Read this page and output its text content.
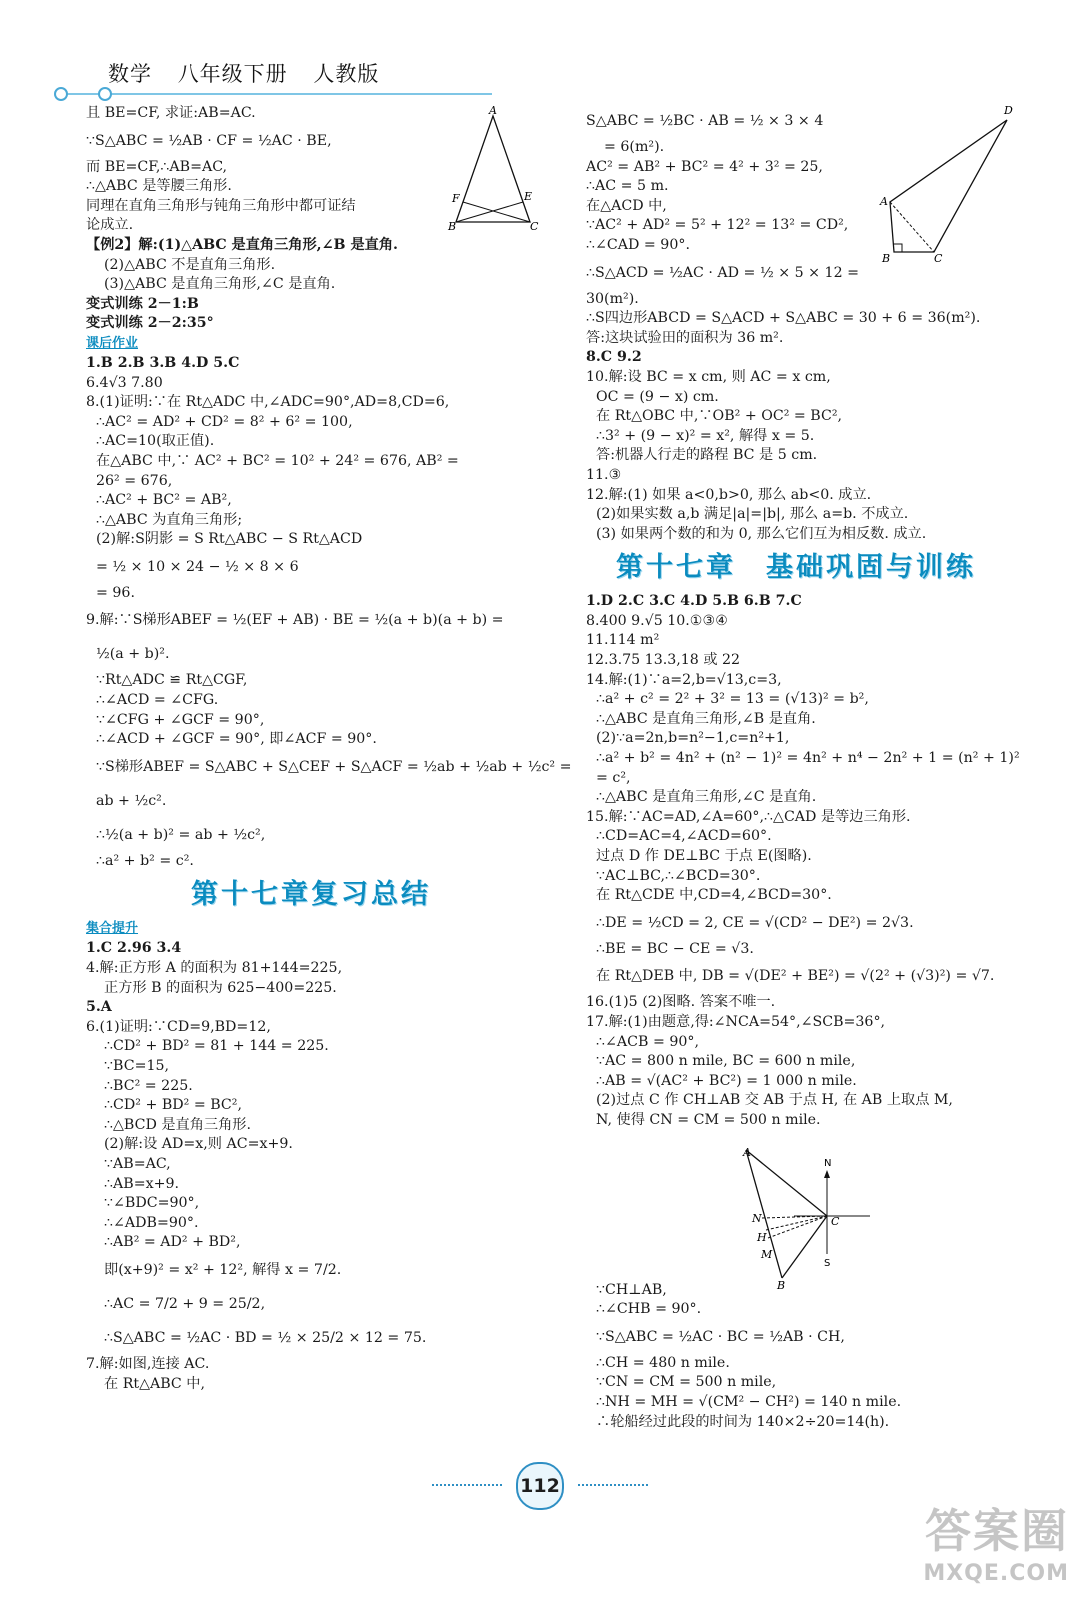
数学 八年级下册 人教版
且 BE=CF, 求证:AB=AC.
∵S△ABC = ½AB · CF = ½AC · BE,
而 BE=CF,∴AB=AC,
∴△ABC 是等腰三角形.
同理在直角三角形与钝角三角形中都可证结
论成立.
【例2】解:(1)△ABC 是直角三角形,∠B 是直角.
(2)△ABC 不是直角三角形.
(3)△ABC 是直角三角形,∠C 是直角.
变式训练 2－1:B
变式训练 2－2:35°
课后作业
1.B 2.B 3.B 4.D 5.C
6.4√3 7.80
8.(1)证明:∵在 Rt△ADC 中,∠ADC=90°,AD=8,CD=6,
∴AC² = AD² + CD² = 8² + 6² = 100,
∴AC=10(取正值).
在△ABC 中,∵ AC² + BC² = 10² + 24² = 676, AB² =
26² = 676,
∴AC² + BC² = AB²,
∴△ABC 为直角三角形;
(2)解:S阴影 = S Rt△ABC − S Rt△ACD
= ½ × 10 × 24 − ½ × 8 × 6
= 96.
9.解:∵S梯形ABEF = ½(EF + AB) · BE = ½(a + b)(a + b) =
½(a + b)².
∵Rt△ADC ≌ Rt△CGF,
∴∠ACD = ∠CFG.
∵∠CFG + ∠GCF = 90°,
∴∠ACD + ∠GCF = 90°, 即∠ACF = 90°.
∵S梯形ABEF = S△ABC + S△CEF + S△ACF = ½ab + ½ab + ½c² =
ab + ½c².
∴½(a + b)² = ab + ½c²,
∴a² + b² = c².
第十七章复习总结
集合提升
1.C 2.96 3.4
4.解:正方形 A 的面积为 81+144=225,
正方形 B 的面积为 625−400=225.
5.A
6.(1)证明:∵CD=9,BD=12,
∴CD² + BD² = 81 + 144 = 225.
∵BC=15,
∴BC² = 225.
∴CD² + BD² = BC²,
∴△BCD 是直角三角形.
(2)解:设 AD=x,则 AC=x+9.
∵AB=AC,
∴AB=x+9.
∵∠BDC=90°,
∴∠ADB=90°.
∴AB² = AD² + BD²,
即(x+9)² = x² + 12², 解得 x = 7/2.
∴AC = 7/2 + 9 = 25/2,
∴S△ABC = ½AC · BD = ½ × 25/2 × 12 = 75.
7.解:如图,连接 AC.
在 Rt△ABC 中,
S△ABC = ½BC · AB = ½ × 3 × 4
= 6(m²).
AC² = AB² + BC² = 4² + 3² = 25,
∴AC = 5 m.
在△ACD 中,
∵AC² + AD² = 5² + 12² = 13² = CD²,
∴∠CAD = 90°.
∴S△ACD = ½AC · AD = ½ × 5 × 12 =
30(m²).
∴S四边形ABCD = S△ACD + S△ABC = 30 + 6 = 36(m²).
答:这块试验田的面积为 36 m².
8.C 9.2
10.解:设 BC = x cm, 则 AC = x cm,
OC = (9 − x) cm.
在 Rt△OBC 中,∵OB² + OC² = BC²,
∴3² + (9 − x)² = x², 解得 x = 5.
答:机器人行走的路程 BC 是 5 cm.
11.③
12.解:(1) 如果 a<0,b>0, 那么 ab<0. 成立.
(2)如果实数 a,b 满足|a|=|b|, 那么 a=b. 不成立.
(3) 如果两个数的和为 0, 那么它们互为相反数. 成立.
第十七章　基础巩固与训练
1.D 2.C 3.C 4.D 5.B 6.B 7.C
8.400 9.√5 10.①③④
11.114 m²
12.3.75 13.3,18 或 22
14.解:(1)∵a=2,b=√13,c=3,
∴a² + c² = 2² + 3² = 13 = (√13)² = b²,
∴△ABC 是直角三角形,∠B 是直角.
(2)∵a=2n,b=n²−1,c=n²+1,
∴a² + b² = 4n² + (n² − 1)² = 4n² + n⁴ − 2n² + 1 = (n² + 1)²
= c²,
∴△ABC 是直角三角形,∠C 是直角.
15.解:∵AC=AD,∠A=60°,∴△CAD 是等边三角形.
∴CD=AC=4,∠ACD=60°.
过点 D 作 DE⊥BC 于点 E(图略).
∵AC⊥BC,∴∠BCD=30°.
在 Rt△CDE 中,CD=4,∠BCD=30°.
∴DE = ½CD = 2, CE = √(CD² − DE²) = 2√3.
∴BE = BC − CE = √3.
在 Rt△DEB 中, DB = √(DE² + BE²) = √(2² + (√3)²) = √7.
16.(1)5 (2)图略. 答案不唯一.
17.解:(1)由题意,得:∠NCA=54°,∠SCB=36°,
∴∠ACB = 90°,
∵AC = 800 n mile, BC = 600 n mile,
∴AB = √(AC² + BC²) = 1 000 n mile.
(2)过点 C 作 CH⊥AB 交 AB 于点 H, 在 AB 上取点 M,
N, 使得 CN = CM = 500 n mile.
∵CH⊥AB,
∴∠CHB = 90°.
∵S△ABC = ½AC · BC = ½AB · CH,
∴CH = 480 n mile.
∵CN = CM = 500 n mile,
∴NH = MH = √(CM² − CH²) = 140 n mile.
∴轮船经过此段的时间为 140×2÷20=14(h).
A
F	E
B	C
D
A
B	C
A
N
C
S
H
M
B
N
112
答案圈
MXQE.COM
